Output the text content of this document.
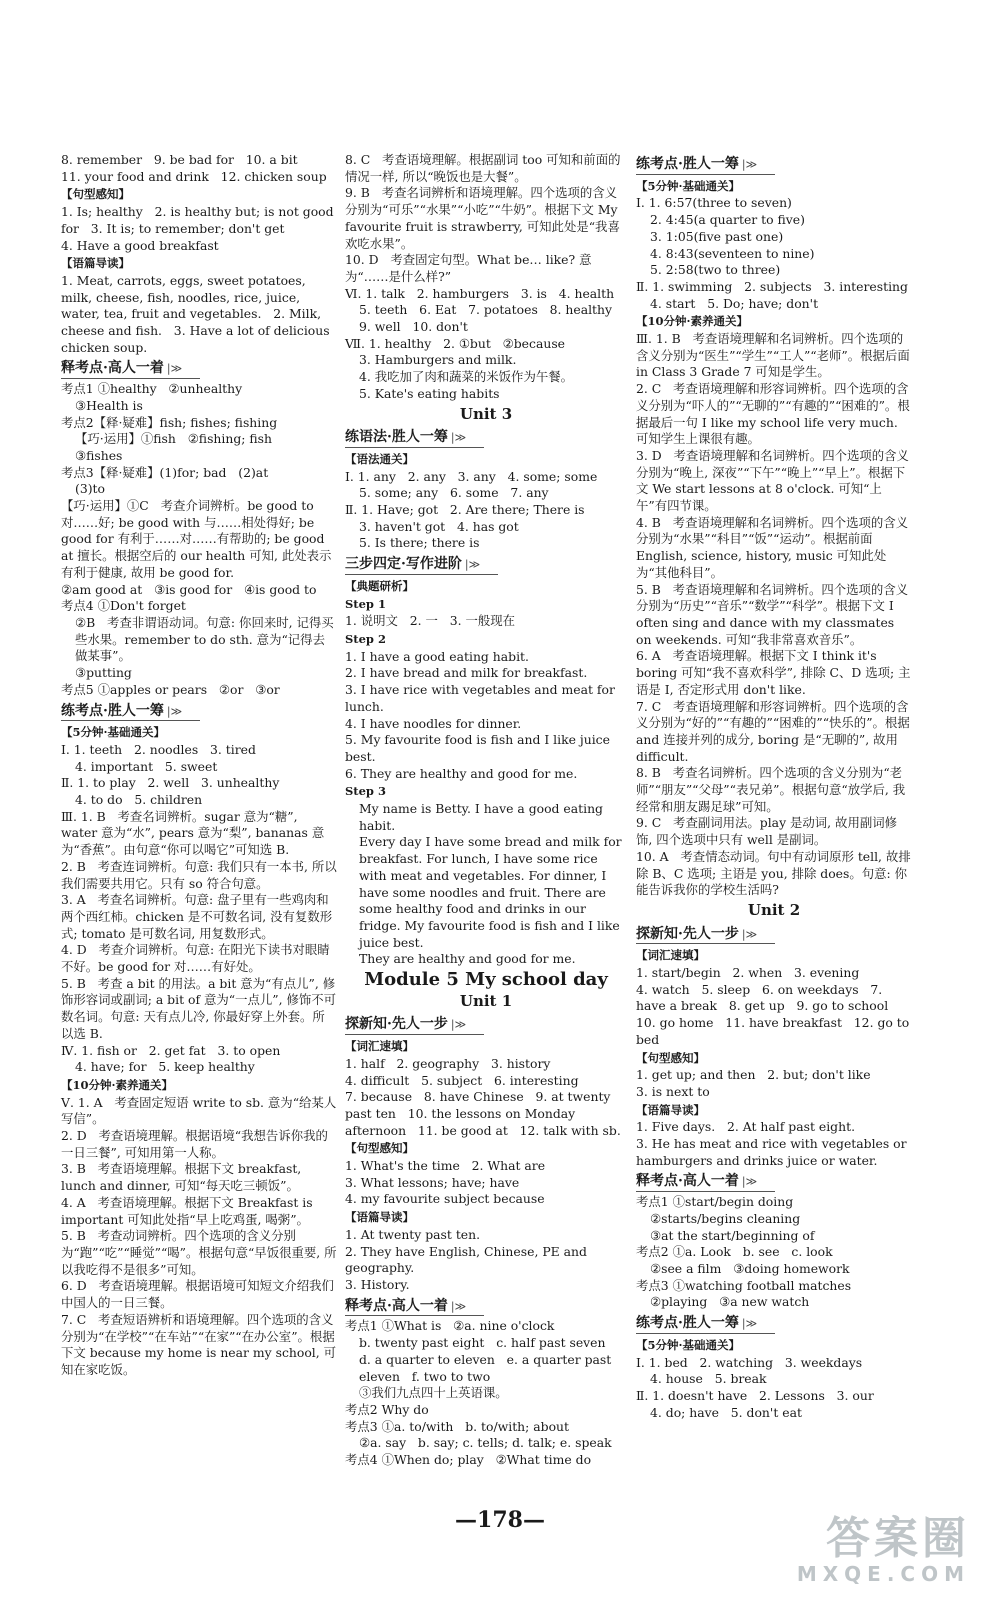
8. remember   9. be bad for   10. a bit
11. your food and drink   12. chicken soup
【句型感知】
1. Is; healthy   2. is healthy but; is not good for   3. It is; to remember; don't get
4. Have a good breakfast
【语篇导读】
1. Meat, carrots, eggs, sweet potatoes, milk, cheese, fish, noodles, rice, juice, water, tea, fruit and vegetables.   2. Milk, cheese and fish.   3. Have a lot of delicious chicken soup.
释考点·高人一着 |≫
考点1 ①healthy   ②unhealthy
③Health is
考点2【释·疑难】fish; fishes; fishing
【巧·运用】①fish   ②fishing; fish
③fishes
考点3【释·疑难】(1)for; bad   (2)at
(3)to
【巧·运用】①C   考查介词辨析。be good to 对……好; be good with 与……相处得好; be good for 有利于……对……有帮助的; be good at 擅长。根据空后的 our health 可知, 此处表示有利于健康, 故用 be good for.
②am good at   ③is good for   ④is good to
考点4 ①Don't forget
②B   考查非谓语动词。句意: 你回来时, 记得买些水果。remember to do sth. 意为“记得去做某事”。
③putting
考点5 ①apples or pears   ②or   ③or
练考点·胜人一筹 |≫
【5分钟·基础通关】
Ⅰ. 1. teeth   2. noodles   3. tired
4. important   5. sweet
Ⅱ. 1. to play   2. well   3. unhealthy
4. to do   5. children
Ⅲ. 1. B   考查名词辨析。sugar 意为“糖”, water 意为“水”, pears 意为“梨”, bananas 意为“香蕉”。由句意“你可以喝它”可知选 B.
2. B   考查连词辨析。句意: 我们只有一本书, 所以我们需要共用它。只有 so 符合句意。
3. A   考查名词辨析。句意: 盘子里有一些鸡肉和两个西红柿。chicken 是不可数名词, 没有复数形式; tomato 是可数名词, 用复数形式。
4. D   考查介词辨析。句意: 在阳光下读书对眼睛不好。be good for 对……有好处。
5. B   考查 a bit 的用法。a bit 意为“有点儿”, 修饰形容词或副词; a bit of 意为“一点儿”, 修饰不可数名词。句意: 天有点儿冷, 你最好穿上外套。所以选 B.
Ⅳ. 1. fish or   2. get fat   3. to open
4. have; for   5. keep healthy
【10分钟·素养通关】
Ⅴ. 1. A   考查固定短语 write to sb. 意为“给某人写信”。
2. D   考查语境理解。根据语境“我想告诉你我的一日三餐”, 可知用第一人称。
3. B   考查语境理解。根据下文 breakfast, lunch and dinner, 可知“每天吃三顿饭”。
4. A   考查语境理解。根据下文 Breakfast is important 可知此处指“早上吃鸡蛋, 喝粥”。
5. B   考查动词辨析。四个选项的含义分别为“跑”“吃”“睡觉”“喝”。根据句意“早饭很重要, 所以我吃得不是很多”可知。
6. D   考查语境理解。根据语境可知短文介绍我们中国人的一日三餐。
7. C   考查短语辨析和语境理解。四个选项的含义分别为“在学校”“在车站”“在家”“在办公室”。根据下文 because my home is near my school, 可知在家吃饭。
8. C   考查语境理解。根据副词 too 可知和前面的情况一样, 所以“晚饭也是大餐”。
9. B   考查名词辨析和语境理解。四个选项的含义分别为“可乐”“水果”“小吃”“牛奶”。根据下文 My favourite fruit is strawberry, 可知此处是“我喜欢吃水果”。
10. D   考查固定句型。What be… like? 意为“……是什么样?”
Ⅵ. 1. talk   2. hamburgers   3. is   4. health
5. teeth   6. Eat   7. potatoes   8. healthy
9. well   10. don't
Ⅶ. 1. healthy   2. ①but   ②because
3. Hamburgers and milk.
4. 我吃加了肉和蔬菜的米饭作为午餐。
5. Kate's eating habits
Unit 3
练语法·胜人一筹 |≫
【语法通关】
Ⅰ. 1. any   2. any   3. any   4. some; some
5. some; any   6. some   7. any
Ⅱ. 1. Have; got   2. Are there; There is
3. haven't got   4. has got
5. Is there; there is
三步四定·写作进阶 |≫
【典题研析】
Step 1
1. 说明文   2. 一   3. 一般现在
Step 2
1. I have a good eating habit.
2. I have bread and milk for breakfast.
3. I have rice with vegetables and meat for lunch.
4. I have noodles for dinner.
5. My favourite food is fish and I like juice best.
6. They are healthy and good for me.
Step 3
My name is Betty. I have a good eating habit.
Every day I have some bread and milk for breakfast. For lunch, I have some rice with meat and vegetables. For dinner, I have some noodles and fruit. There are some healthy food and drinks in our fridge. My favourite food is fish and I like juice best.
They are healthy and good for me.
Module 5 My school day
Unit 1
探新知·先人一步 |≫
【词汇速填】
1. half   2. geography   3. history
4. difficult   5. subject   6. interesting
7. because   8. have Chinese   9. at twenty past ten   10. the lessons on Monday afternoon   11. be good at   12. talk with sb.
【句型感知】
1. What's the time   2. What are
3. What lessons; have; have
4. my favourite subject because
【语篇导读】
1. At twenty past ten.
2. They have English, Chinese, PE and geography.
3. History.
释考点·高人一着 |≫
考点1 ①What is   ②a. nine o'clock
b. twenty past eight   c. half past seven
d. a quarter to eleven   e. a quarter past eleven   f. two to two
③我们九点四十上英语课。
考点2 Why do
考点3 ①a. to/with   b. to/with; about
②a. say   b. say; c. tells; d. talk; e. speak
考点4 ①When do; play   ②What time do
练考点·胜人一筹 |≫
【5分钟·基础通关】
Ⅰ. 1. 6:57(three to seven)
2. 4:45(a quarter to five)
3. 1:05(five past one)
4. 8:43(seventeen to nine)
5. 2:58(two to three)
Ⅱ. 1. swimming   2. subjects   3. interesting
4. start   5. Do; have; don't
【10分钟·素养通关】
Ⅲ. 1. B   考查语境理解和名词辨析。四个选项的含义分别为“医生”“学生”“工人”“老师”。根据后面 in Class 3 Grade 7 可知是学生。
2. C   考查语境理解和形容词辨析。四个选项的含义分别为“吓人的”“无聊的”“有趣的”“困难的”。根据最后一句 I like my school life very much. 可知学生上课很有趣。
3. D   考查语境理解和名词辨析。四个选项的含义分别为“晚上, 深夜”“下午”“晚上”“早上”。根据下文 We start lessons at 8 o'clock. 可知“上午”有四节课。
4. B   考查语境理解和名词辨析。四个选项的含义分别为“水果”“科目”“饭”“运动”。根据前面 English, science, history, music 可知此处为“其他科目”。
5. B   考查语境理解和名词辨析。四个选项的含义分别为“历史”“音乐”“数学”“科学”。根据下文 I often sing and dance with my classmates on weekends. 可知“我非常喜欢音乐”。
6. A   考查语境理解。根据下文 I think it's boring 可知“我不喜欢科学”, 排除 C、D 选项; 主语是 I, 否定形式用 don't like.
7. C   考查语境理解和形容词辨析。四个选项的含义分别为“好的”“有趣的”“困难的”“快乐的”。根据 and 连接并列的成分, boring 是“无聊的”, 故用 difficult.
8. B   考查名词辨析。四个选项的含义分别为“老师”“朋友”“父母”“表兄弟”。根据句意“放学后, 我经常和朋友踢足球”可知。
9. C   考查副词用法。play 是动词, 故用副词修饰, 四个选项中只有 well 是副词。
10. A   考查情态动词。句中有动词原形 tell, 故排除 B、C 选项; 主语是 you, 排除 does。句意: 你能告诉我你的学校生活吗?
Unit 2
探新知·先人一步 |≫
【词汇速填】
1. start/begin   2. when   3. evening
4. watch   5. sleep   6. on weekdays   7. have a break   8. get up   9. go to school   10. go home   11. have breakfast   12. go to bed
【句型感知】
1. get up; and then   2. but; don't like
3. is next to
【语篇导读】
1. Five days.   2. At half past eight.
3. He has meat and rice with vegetables or hamburgers and drinks juice or water.
释考点·高人一着 |≫
考点1 ①start/begin doing
②starts/begins cleaning
③at the start/beginning of
考点2 ①a. Look   b. see   c. look
②see a film   ③doing homework
考点3 ①watching football matches
②playing   ③a new watch
练考点·胜人一筹 |≫
【5分钟·基础通关】
Ⅰ. 1. bed   2. watching   3. weekdays
4. house   5. break
Ⅱ. 1. doesn't have   2. Lessons   3. our
4. do; have   5. don't eat
—178—	答案圈
MXQE.COM
